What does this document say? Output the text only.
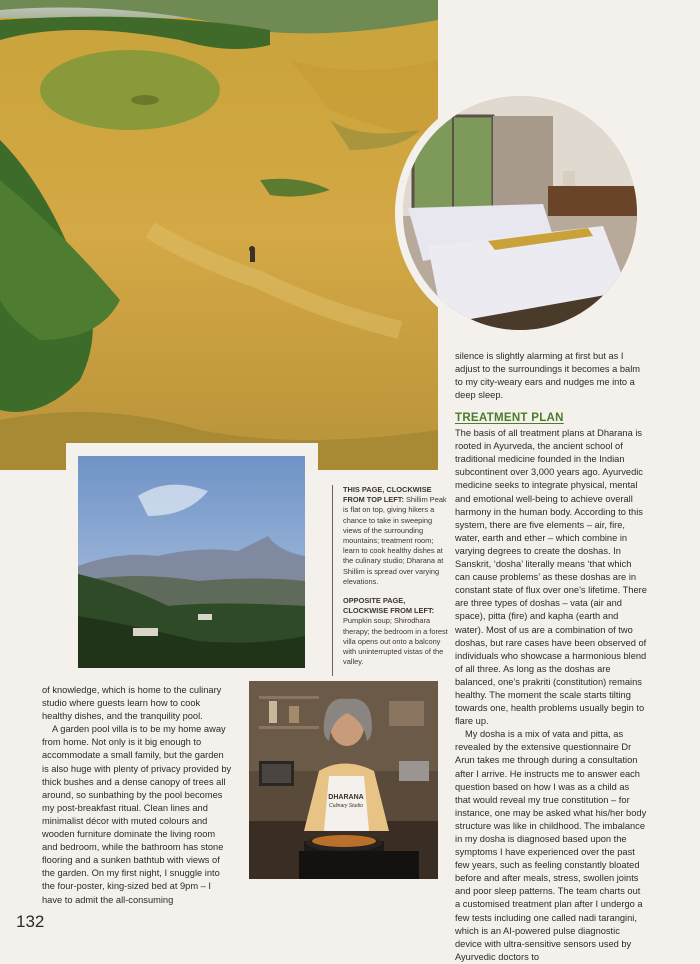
THIS PAGE, CLOCKWISE FROM TOP LEFT: Shillim Peak is flat on top, giving hikers a chance to take in sweeping views of the surrounding mountains; treatment room; learn to cook healthy dishes at the culinary studio; Dharana at Shillim is spread over varying elevations.

OPPOSITE PAGE, CLOCKWISE FROM LEFT: Pumpkin soup; Shirodhara therapy; the bedroom in a forest villa opens out onto a balcony with uninterrupted vistas of the valley.

silence is slightly alarming at first but as I adjust to the surroundings it becomes a balm to my city-weary ears and nudges me into a deep sleep.

TREATMENT PLAN

The basis of all treatment plans at Dharana is rooted in Ayurveda, the ancient school of traditional medicine founded in the Indian subcontinent over 3,000 years ago. Ayurvedic medicine seeks to integrate physical, mental and emotional well-being to achieve overall harmony in the human body. According to this system, there are five elements – air, fire, water, earth and ether – which combine in varying degrees to create the doshas. In Sanskrit, ‘dosha’ literally means ‘that which can cause problems’ as these doshas are in constant state of flux over one’s lifetime. There are three types of doshas – vata (air and space), pitta (fire) and kapha (earth and water). Most of us are a combination of two doshas, but rare cases have been observed of individuals who showcase a harmonious blend of all three. As long as the doshas are balanced, one’s prakriti (constitution) remains healthy. The moment the scale starts tilting towards one, health problems usually begin to flare up.

My dosha is a mix of vata and pitta, as revealed by the extensive questionnaire Dr Arun takes me through during a consultation after I arrive. He instructs me to answer each question based on how I was as a child as that would reveal my true constitution – for instance, one may be asked what his/her body structure was like in childhood. The imbalance in my dosha is diagnosed based upon the symptoms I have experienced over the past few years, such as feeling constantly bloated before and after meals, stress, swollen joints and poor sleep patterns. The team charts out a customised treatment plan after I undergo a few tests including one called nadi tarangini, which is an AI-powered pulse diagnostic device with ultra-sensitive sensors used by Ayurvedic doctors to

of knowledge, which is home to the culinary studio where guests learn how to cook healthy dishes, and the tranquility pool.

A garden pool villa is to be my home away from home. Not only is it big enough to accommodate a small family, but the garden is also huge with plenty of privacy provided by thick bushes and a dense canopy of trees all around, so sunbathing by the pool becomes my post-breakfast ritual. Clean lines and minimalist décor with muted colours and wooden furniture dominate the living room and bedroom, while the bathroom has stone flooring and a sunken bathtub with views of the garden. On my first night, I snuggle into the four-poster, king-sized bed at 9pm – I have to admit the all-consuming

DHARANA
Culinary Studio
132
